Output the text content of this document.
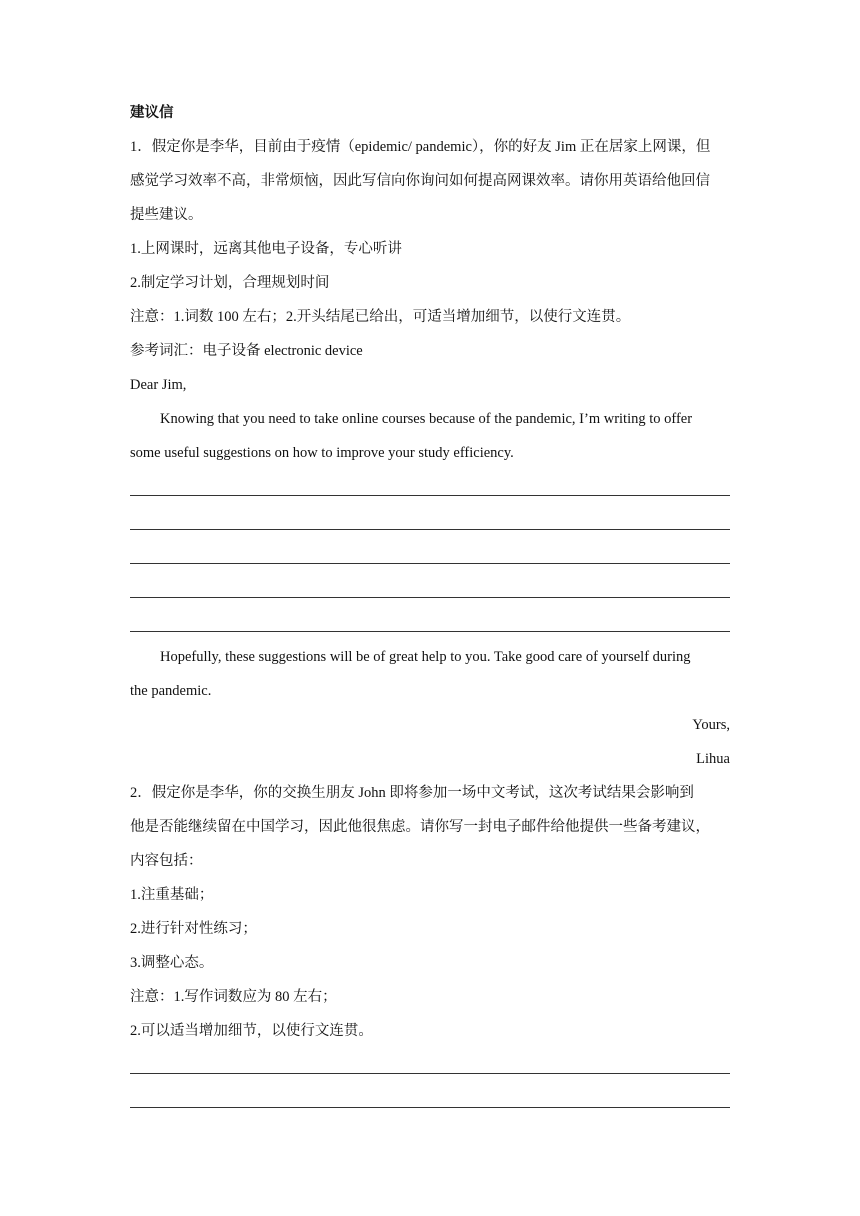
建议信
1．假定你是李华，目前由于疫情（epidemic/ pandemic），你的好友 Jim 正在居家上网课，但
感觉学习效率不高，非常烦恼，因此写信向你询问如何提高网课效率。请你用英语给他回信
提些建议。
1.上网课时，远离其他电子设备，专心听讲
2.制定学习计划，合理规划时间
注意：1.词数 100 左右；2.开头结尾已给出，可适当增加细节，以使行文连贯。
参考词汇：电子设备 electronic device
Dear Jim,
Knowing that you need to take online courses because of the pandemic, I’m writing to offer
some useful suggestions on how to improve your study efficiency.
Hopefully, these suggestions will be of great help to you. Take good care of yourself during
the pandemic.
Yours,
Lihua
2．假定你是李华，你的交换生朋友 John 即将参加一场中文考试，这次考试结果会影响到
他是否能继续留在中国学习，因此他很焦虑。请你写一封电子邮件给他提供一些备考建议，
内容包括：
1.注重基础；
2.进行针对性练习；
3.调整心态。
注意：1.写作词数应为 80 左右；
2.可以适当增加细节，以使行文连贯。
